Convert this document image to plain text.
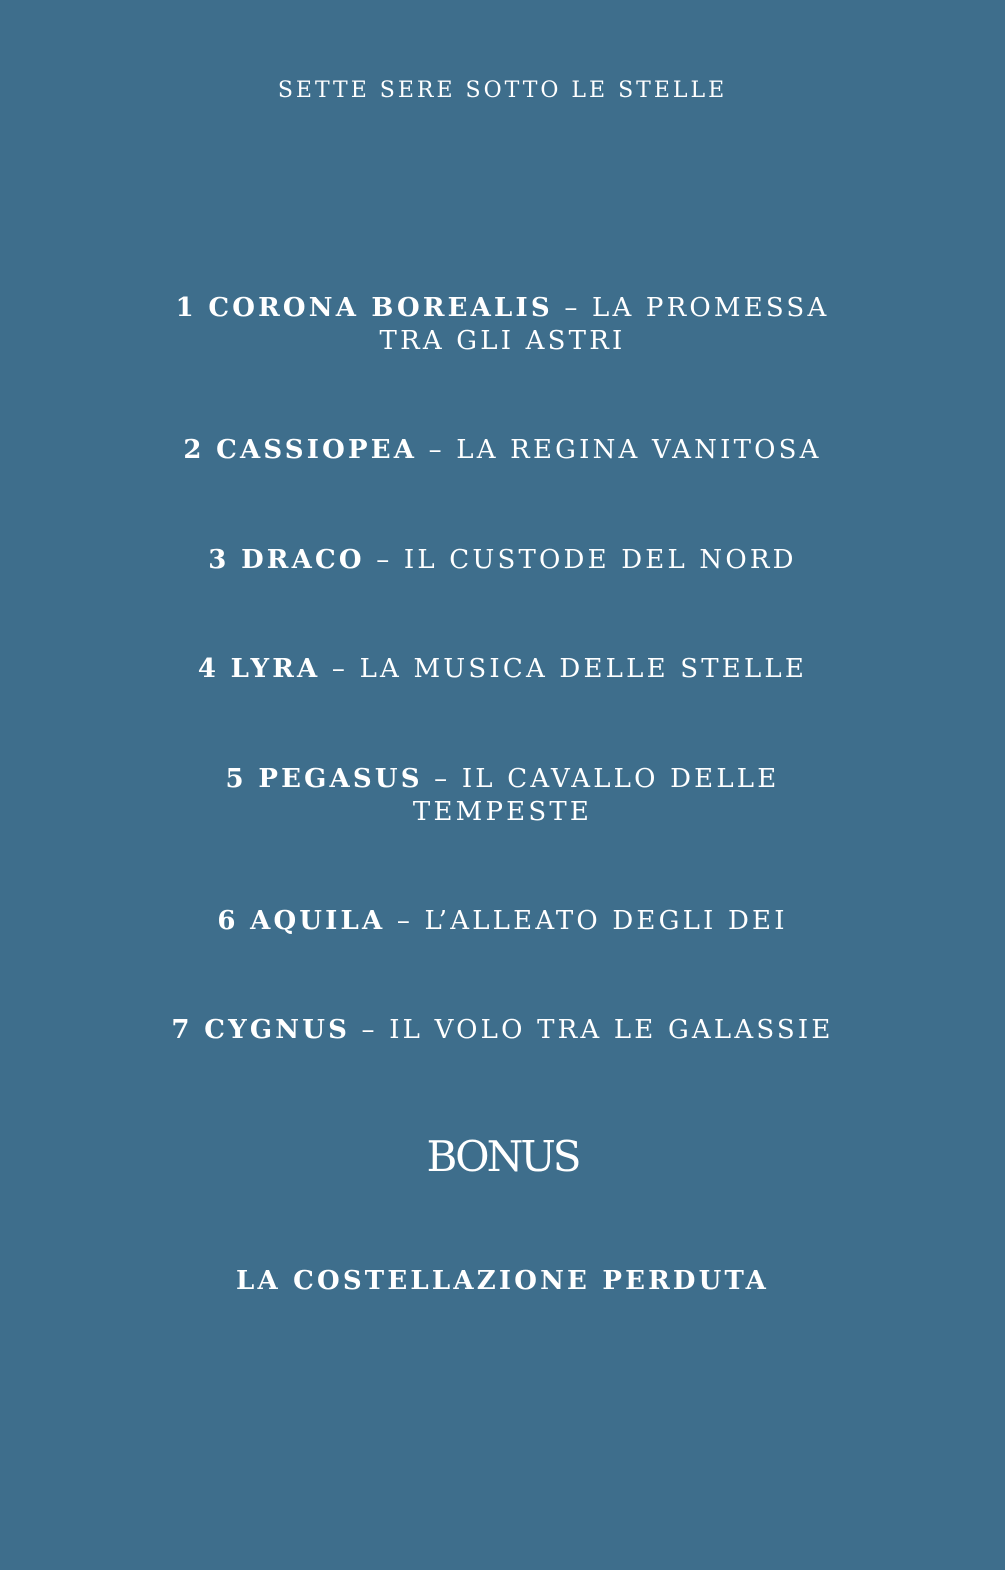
SETTE SERE SOTTO LE STELLE
1 CORONA BOREALIS – LA PROMESSA TRA GLI ASTRI
2 CASSIOPEA – LA REGINA VANITOSA
3 DRACO – IL CUSTODE DEL NORD
4 LYRA – LA MUSICA DELLE STELLE
5 PEGASUS – IL CAVALLO DELLE TEMPESTE
6 AQUILA – L’ALLEATO DEGLI DEI
7 CYGNUS – IL VOLO TRA LE GALASSIE
BONUS
LA COSTELLAZIONE PERDUTA
